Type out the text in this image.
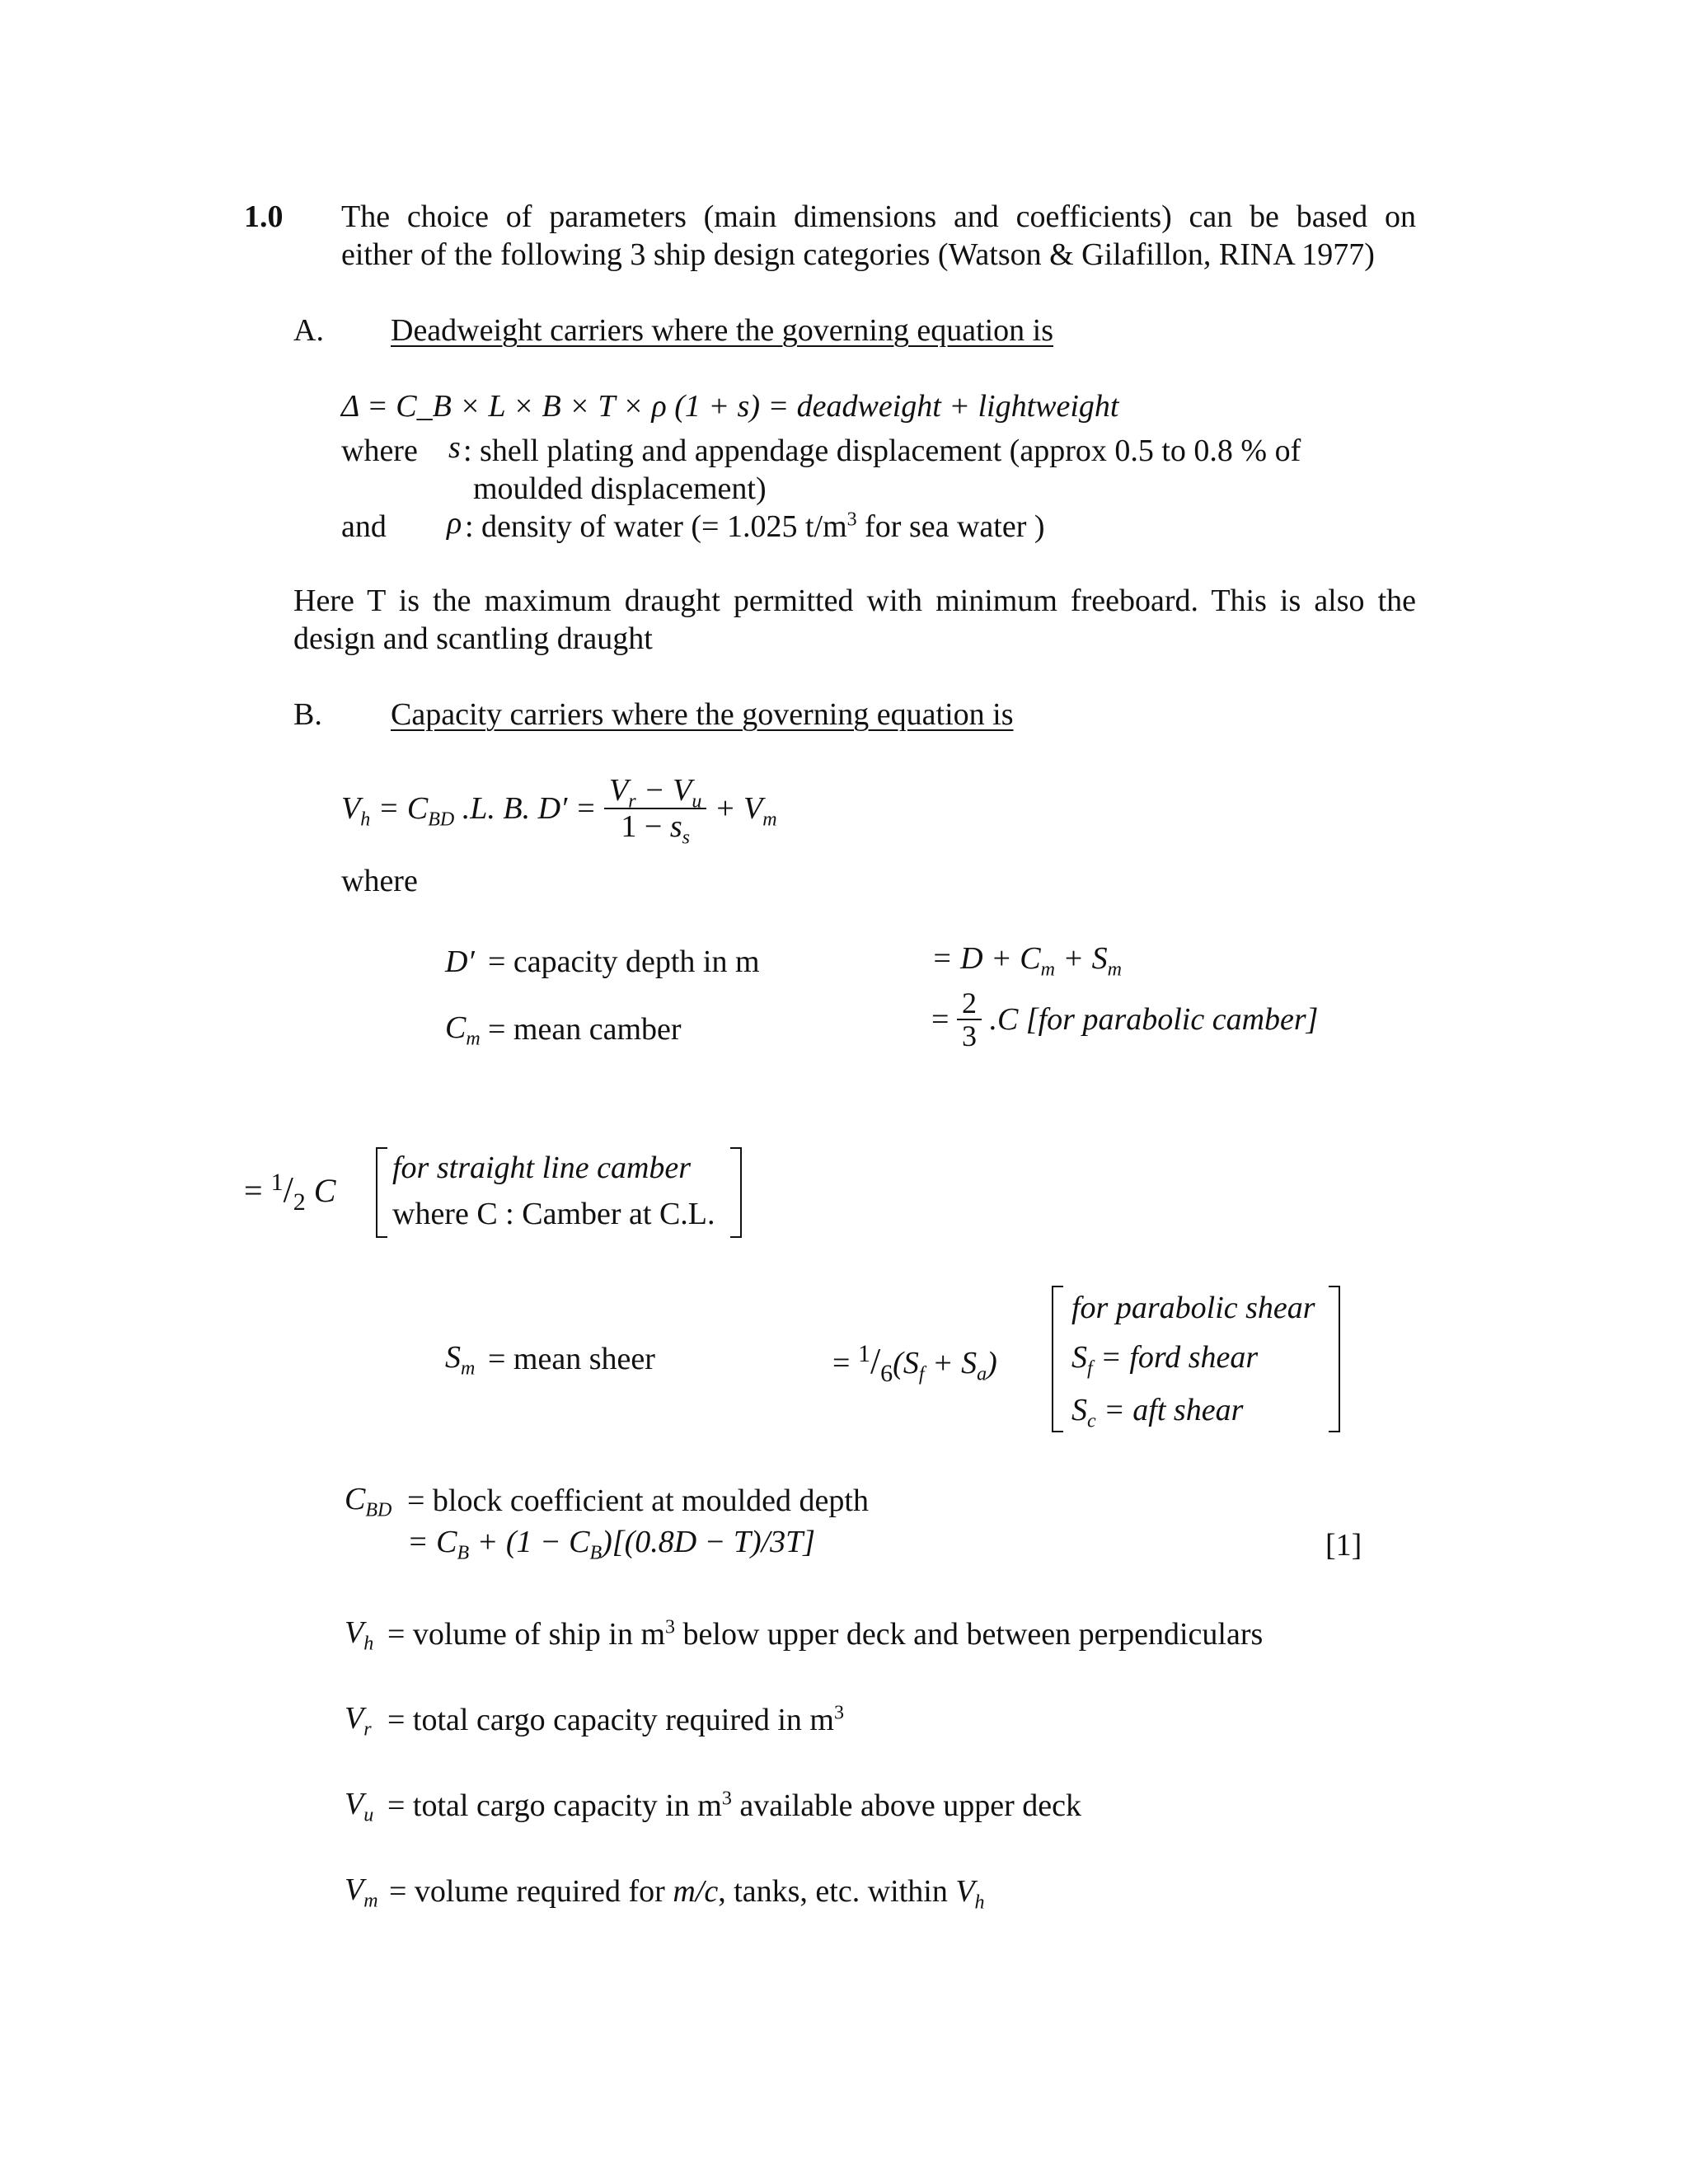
1.0 The choice of parameters (main dimensions and coefficients) can be based on
either of the following 3 ship design categories (Watson & Gilafillon, RINA 1977)
A. Deadweight carriers where the governing equation is
Δ = C_B × L × B × T × ρ (1 + s) = deadweight + lightweight
where s : shell plating and appendage displacement (approx 0.5 to 0.8 % of
moulded displacement)
and ρ : density of water (= 1.025 $t/m^3$ for sea water )
Here T is the maximum draught permitted with minimum freeboard. This is also the
design and scantling draught
B. Capacity carriers where the governing equation is
$V_h = C_{BD}$ .L. B. $D' = \frac{V_r - V_u}{1 - s_s} + V_m$
where
D′ = capacity depth in m	= $D + C_m + S_m$
$C_m$ = mean camber	= $\frac{2}{3} .C$ [for parabolic camber]
= $^1/_2$ C
for straight line camber
where C : Camber at C.L.
$S_m$ = mean sheer	= $^1/_6(S_f + S_a)$
for parabolic shear
$S_f$ = ford shear
$S_c$ = aft shear
$C_{BD}$ = block coefficient at moulded depth
= $C_B + (1 - C_B)[(0.8D - T)/3T]$	[1]
$V_h$ = volume of ship in $m^3$ below upper deck and between perpendiculars
$V_r$ = total cargo capacity required in $m^3$
$V_u$ = total cargo capacity in $m^3$ available above upper deck
$V_m$ = volume required for m/c, tanks, etc. within $V_h$
